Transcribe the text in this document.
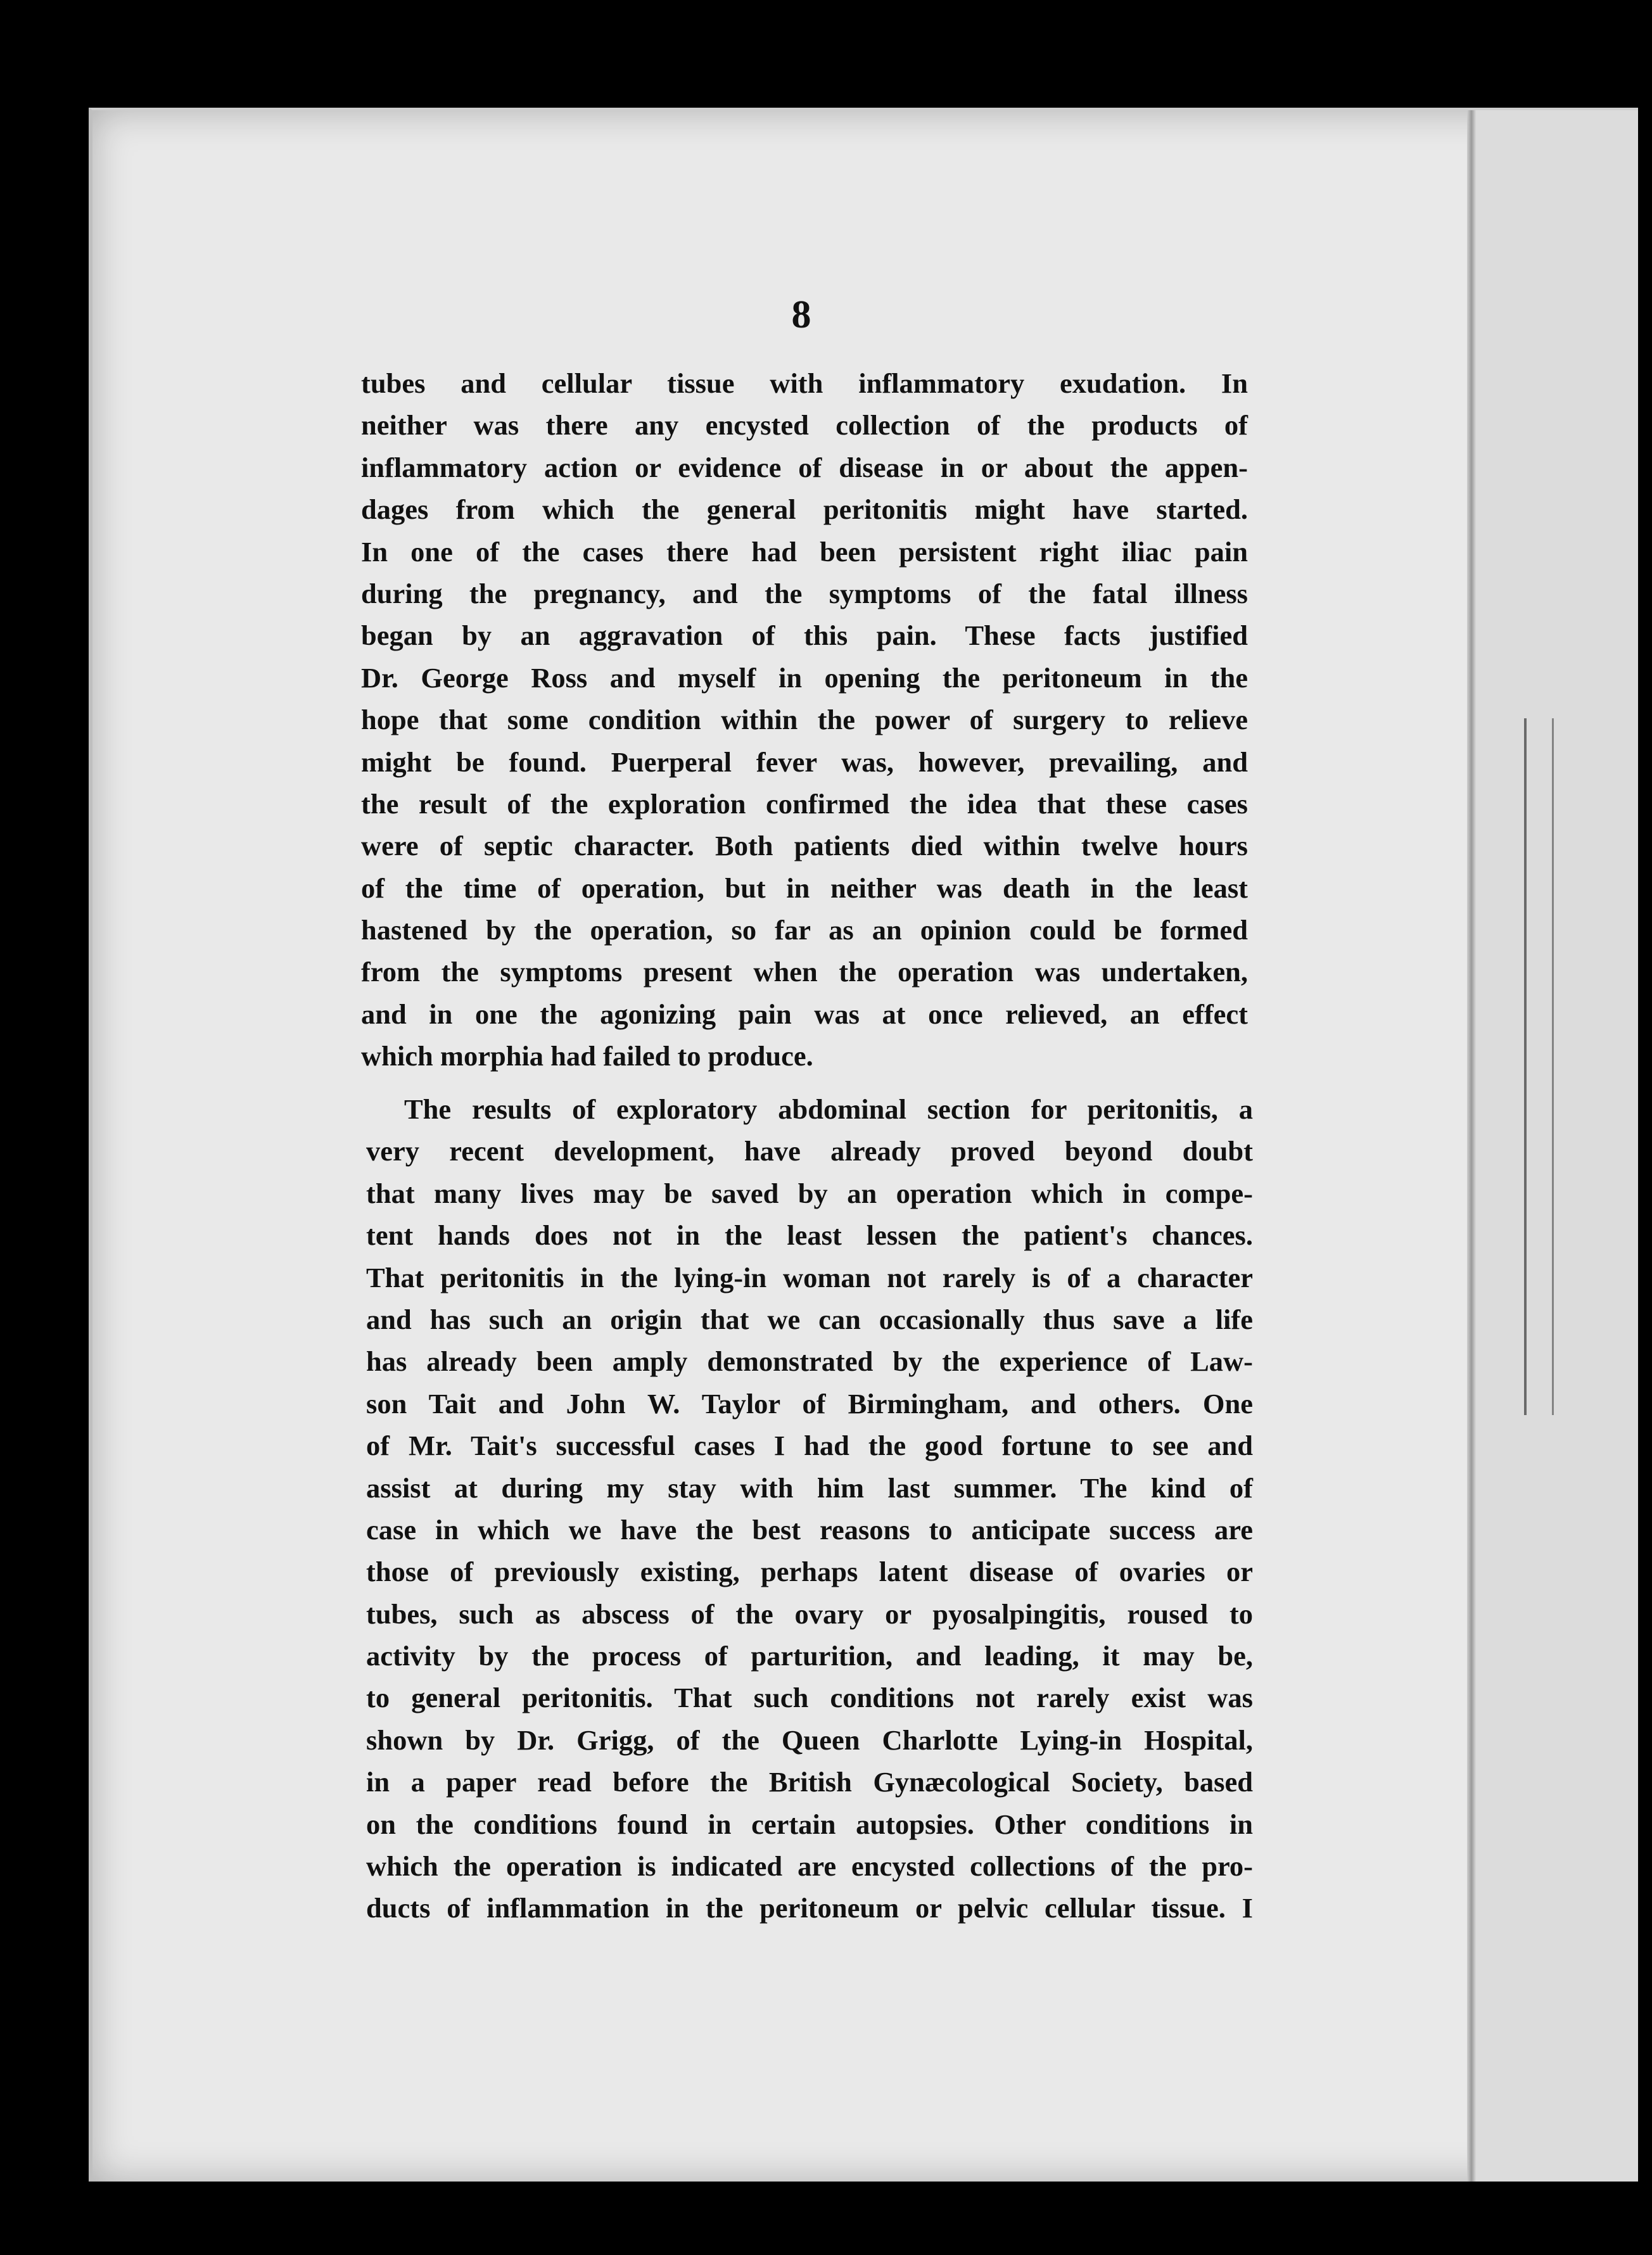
8
tubes and cellular tissue with inflammatory exudation. In
neither was there any encysted collection of the products of
inflammatory action or evidence of disease in or about the appen-
dages from which the general peritonitis might have started.
In one of the cases there had been persistent right iliac pain
during the pregnancy, and the symptoms of the fatal illness
began by an aggravation of this pain. These facts justified
Dr. George Ross and myself in opening the peritoneum in the
hope that some condition within the power of surgery to relieve
might be found. Puerperal fever was, however, prevailing, and
the result of the exploration confirmed the idea that these cases
were of septic character. Both patients died within twelve hours
of the time of operation, but in neither was death in the least
hastened by the operation, so far as an opinion could be formed
from the symptoms present when the operation was undertaken,
and in one the agonizing pain was at once relieved, an effect
which morphia had failed to produce.
The results of exploratory abdominal section for peritonitis, a
very recent development, have already proved beyond doubt
that many lives may be saved by an operation which in compe-
tent hands does not in the least lessen the patient's chances.
That peritonitis in the lying-in woman not rarely is of a character
and has such an origin that we can occasionally thus save a life
has already been amply demonstrated by the experience of Law-
son Tait and John W. Taylor of Birmingham, and others. One
of Mr. Tait's successful cases I had the good fortune to see and
assist at during my stay with him last summer. The kind of
case in which we have the best reasons to anticipate success are
those of previously existing, perhaps latent disease of ovaries or
tubes, such as abscess of the ovary or pyosalpingitis, roused to
activity by the process of parturition, and leading, it may be,
to general peritonitis. That such conditions not rarely exist was
shown by Dr. Grigg, of the Queen Charlotte Lying-in Hospital,
in a paper read before the British Gynæcological Society, based
on the conditions found in certain autopsies. Other conditions in
which the operation is indicated are encysted collections of the pro-
ducts of inflammation in the peritoneum or pelvic cellular tissue. I
